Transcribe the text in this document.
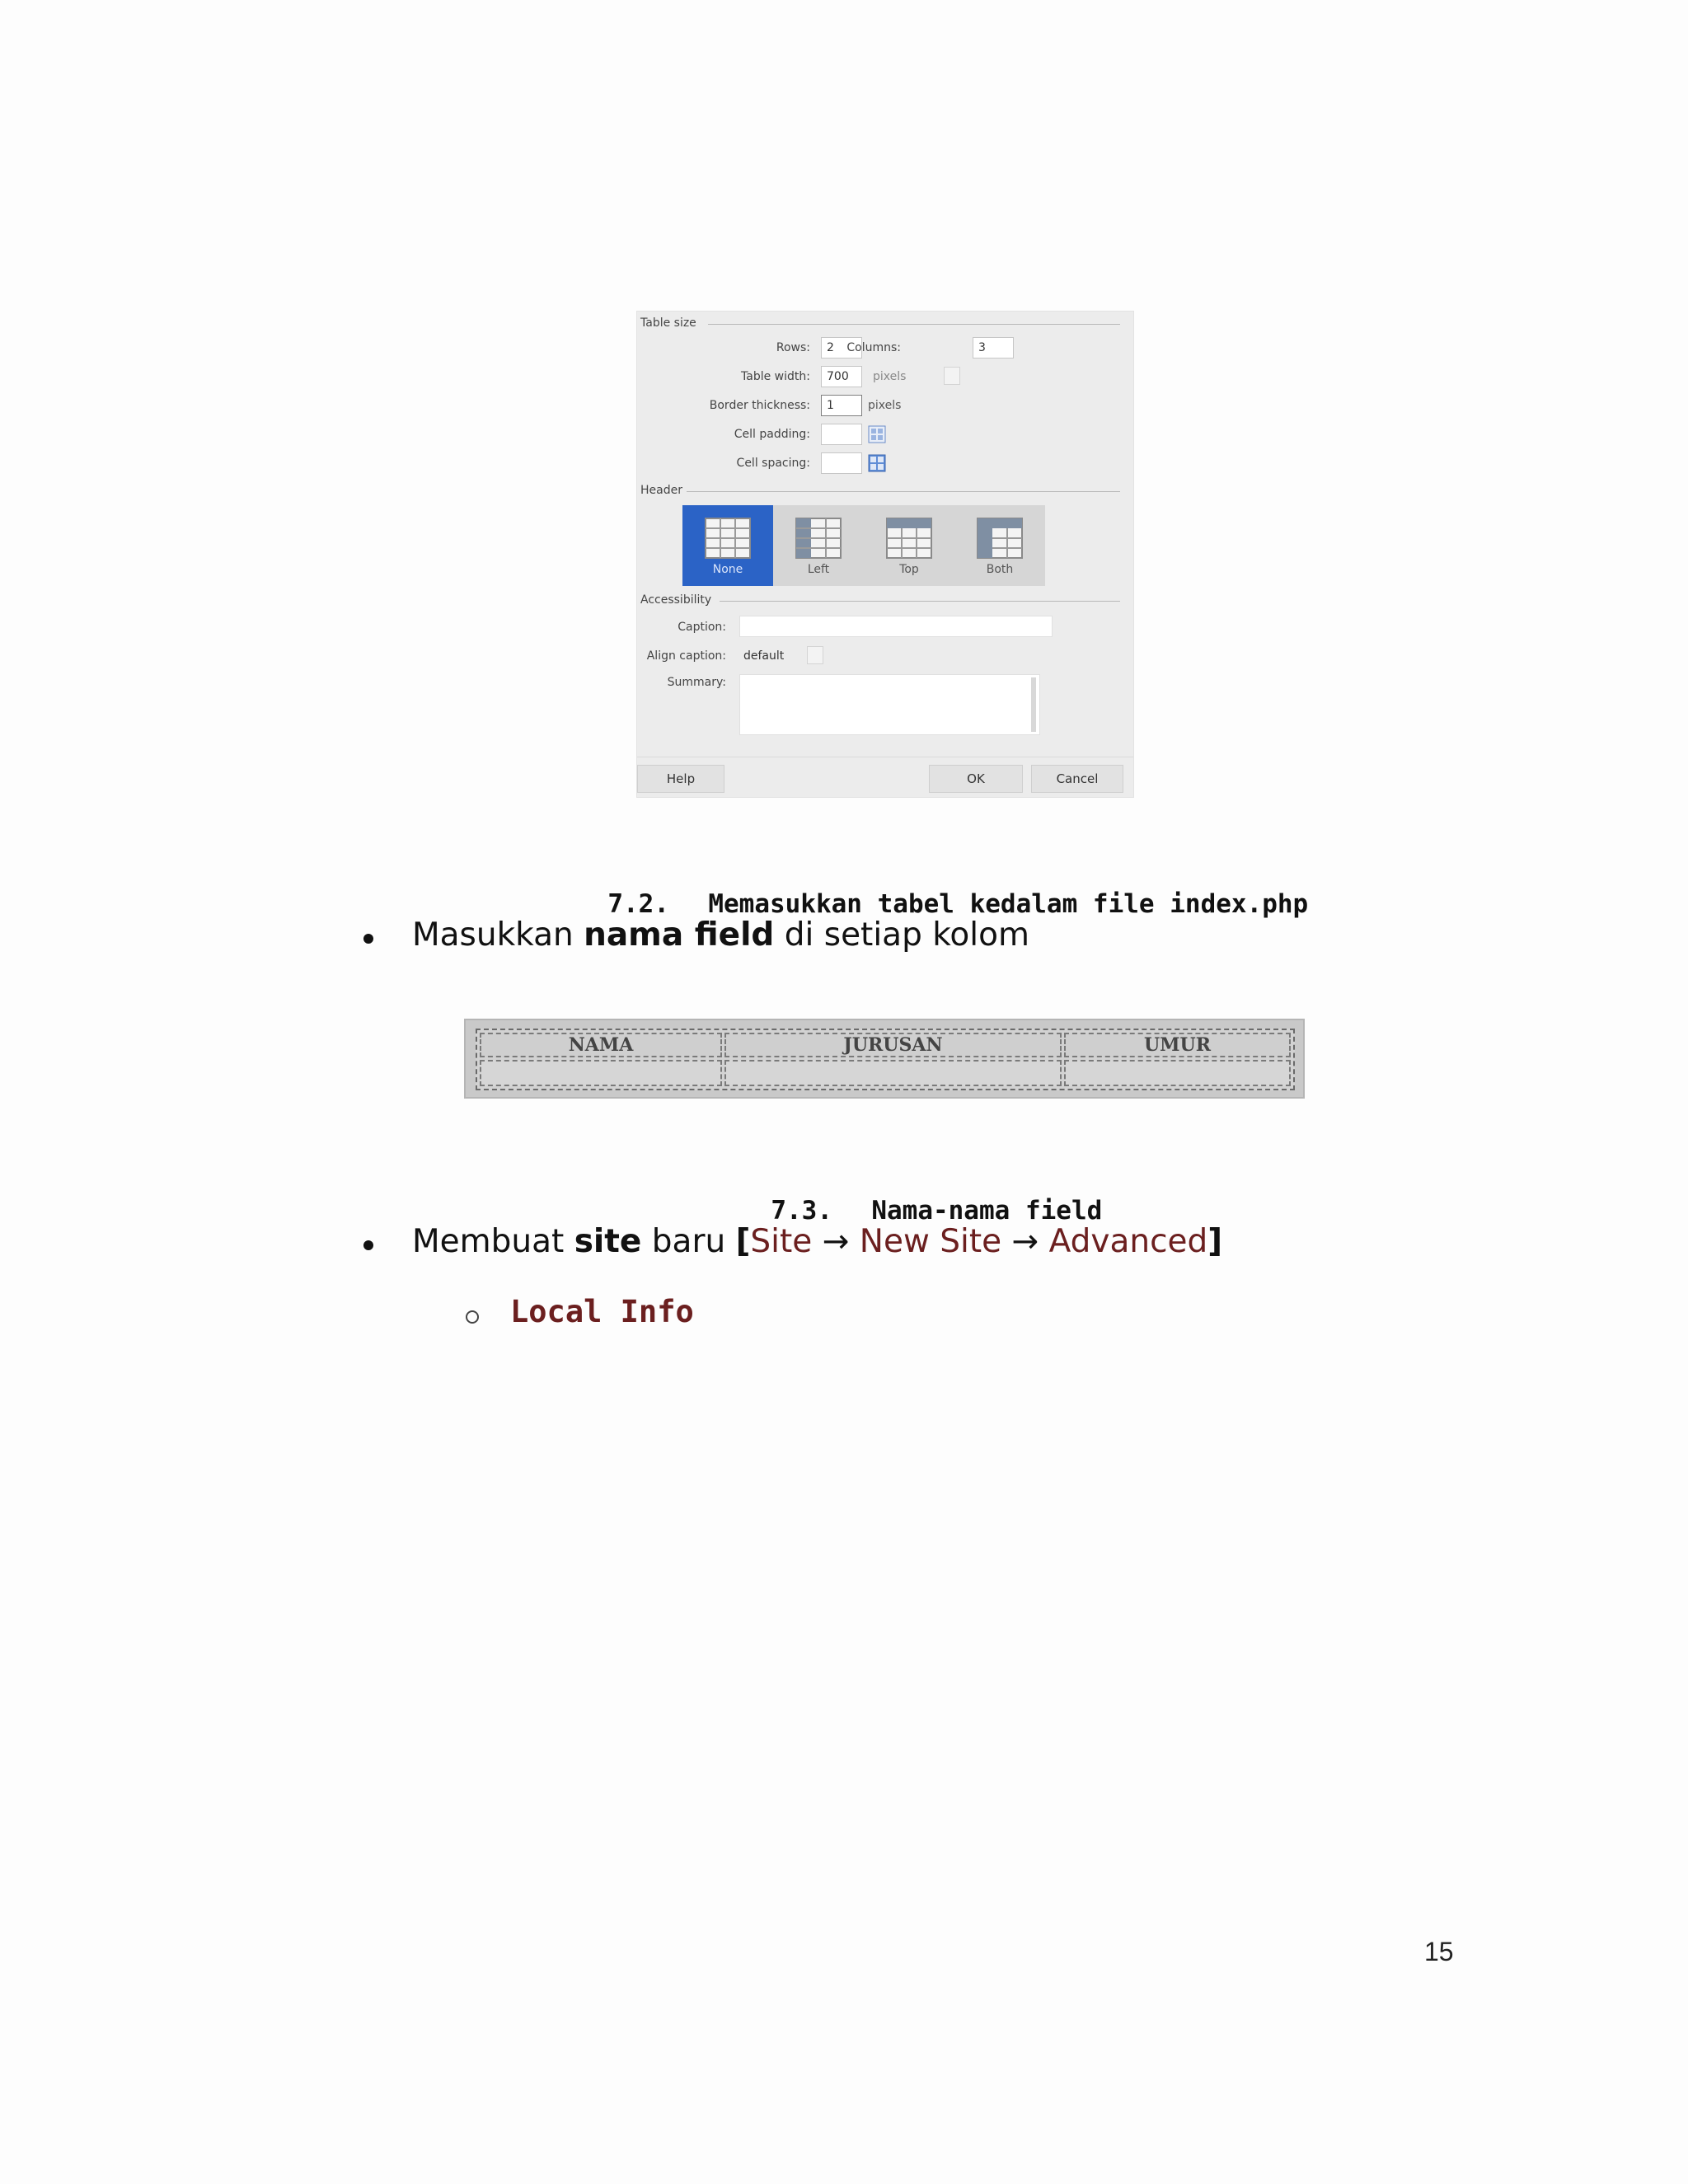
Table size
Rows:	2	Columns:	3
Table width:	700	pixels
Border thickness:	1	pixels
Cell padding:
Cell spacing:
Header
None	Left	Top	Both
Accessibility
Caption:
Align caption: default
Summary:
Help	OK	Cancel

7.2. Memasukkan tabel kedalam file index.php

Masukkan nama field di setiap kolom
NAMA	JURUSAN	UMUR

7.3. Nama-nama field

Membuat site baru [Site → New Site → Advanced]
Local Info
15
